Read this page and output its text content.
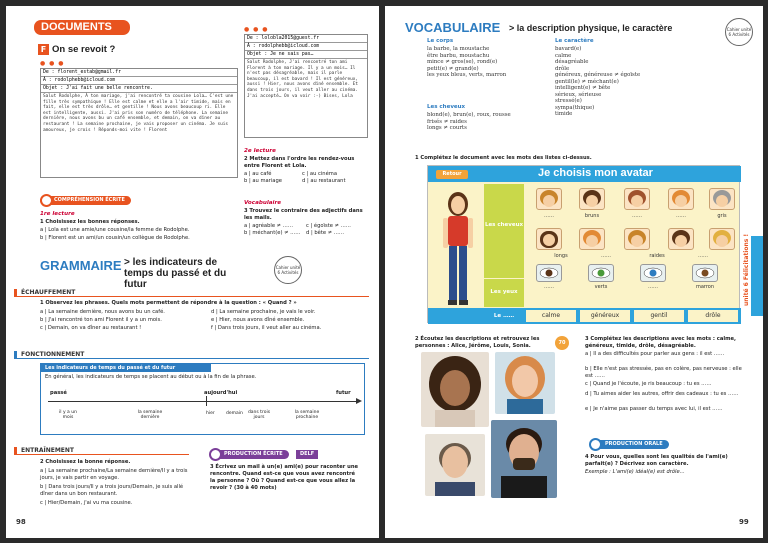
DOCUMENTS
F On se revoit ?
● ● ●
De : florent_estab@gmail.fr
À : rodolphebb@icloud.com
Objet : J'ai fait une belle rencontre.
Salut Rodolphe, À ton mariage, j'ai rencontré ta cousine Lola… C'est une fille très sympathique ! Elle est calme et elle a l'air timide, mais en fait, elle est très drôle… et gentille ! Nous avons beaucoup ri. Elle est intelligente, aussi. J'ai pris son numéro de téléphone. La semaine dernière, nous avons bu un café ensemble, et demain, on va dîner au restaurant ! La semaine prochaine, je vais proposer un cinéma. Je suis amoureux, je crois ! Réponds-moi vite ! Florent
● ● ●
De : lolobla2015@guest.fr
À : rodolphebb@icloud.com
Objet : Je ne sais pas…
Salut Rodolphe, J'ai rencontré ton ami Florent à ton mariage. Il y a un mois… Il n'est pas désagréable, mais il parle beaucoup, il est bavard ! Il est généreux, aussi ! Hier, nous avons dîné ensemble. Et dans trois jours, il veut aller au cinéma. J'ai accepté… On va voir :-) Bises, Lola
COMPRÉHENSION ÉCRITE
1re lecture
1 Choisissez les bonnes réponses.
a | Lola est une amie/une cousine/la femme de Rodolphe.
b | Florent est un ami/un cousin/un collègue de Rodolphe.
2e lecture
2 Mettez dans l'ordre les rendez-vous entre Florent et Lola.
a | au café
b | au mariage
c | au cinéma
d | au restaurant
Vocabulaire
3 Trouvez le contraire des adjectifs dans les mails.
a | agréable ≠ ……
b | méchant(e) ≠ ……
c | égoïste ≠ ……
d | bête ≠ ……
GRAMMAIRE > les indicateurs de temps du passé et du futur
Cahier unité 6 Activités
ÉCHAUFFEMENT
1 Observez les phrases. Quels mots permettent de répondre à la question : « Quand ? »
a | La semaine dernière, nous avons bu un café.
b | J'ai rencontré ton ami Florent il y a un mois.
c | Demain, on va dîner au restaurant !
d | La semaine prochaine, je vais le voir.
e | Hier, nous avons dîné ensemble.
f | Dans trois jours, il veut aller au cinéma.
FONCTIONNEMENT
Les indicateurs de temps du passé et du futur
En général, les indicateurs de temps se placent au début ou à la fin de la phrase.
passé	aujourd'hui	futur
il y a un mois
la semaine dernière
hier	demain	dans trois jours
la semaine prochaine
ENTRAÎNEMENT
2 Choisissez la bonne réponse.
a | La semaine prochaine/La semaine dernière/Il y a trois jours, je vais partir en voyage.
b | Dans trois jours/Il y a trois jours/Demain, je suis allé dîner dans un bon restaurant.
c | Hier/Demain, j'ai vu ma cousine.
PRODUCTION ÉCRITE	DELF
3 Écrivez un mail à un(e) ami(e) pour raconter une rencontre. Quand est-ce que vous avez rencontré la personne ? Où ? Quand est-ce que vous allez la revoir ? (30 à 40 mots)
98
VOCABULAIRE > la description physique, le caractère	Cahier unité 6 Activités
Le corps
la barbe, la moustache
être barbu, moustachu
mince ≠ gros(se), rond(e)
petit(e) ≠ grand(e)
les yeux bleus, verts, marron
Les cheveux
blond(e), brun(e), roux, rousse
frisés ≠ raides
longs ≠ courts
Le caractère
bavard(e)
calme
désagréable
drôle
généreux, généreuse ≠ égoïste
gentil(le) ≠ méchant(e)
intelligent(e) ≠ bête
sérieux, sérieuse
stressé(e)
sympa(thique)
timide
1 Complétez le document avec les mots des listes ci-dessus.
Retour	Je choisis mon avatar
Les cheveux
Les yeux
……	bruns	……	……	gris
longs	……	raides	……
……	verts	……	marron
Le ……	calme	généreux	gentil	drôle
2 Écoutez les descriptions et retrouvez les personnes : Alice, Jérôme, Louis, Sonia.	70
3 Complétez les descriptions avec les mots : calme, généreux, timide, drôle, désagréable.
a | Il a des difficultés pour parler aux gens : il est ……
b | Elle n'est pas stressée, pas en colère, pas nerveuse : elle est ……
c | Quand je l'écoute, je ris beaucoup : tu es ……
d | Tu aimes aider les autres, offrir des cadeaux : tu es ……
e | Je n'aime pas passer du temps avec lui, il est ……
PRODUCTION ORALE
4 Pour vous, quelles sont les qualités de l'ami(e) parfait(e) ? Décrivez son caractère.
Exemple : L'ami(e) idéal(e) est drôle…
unité 6 Félicitations !
99
